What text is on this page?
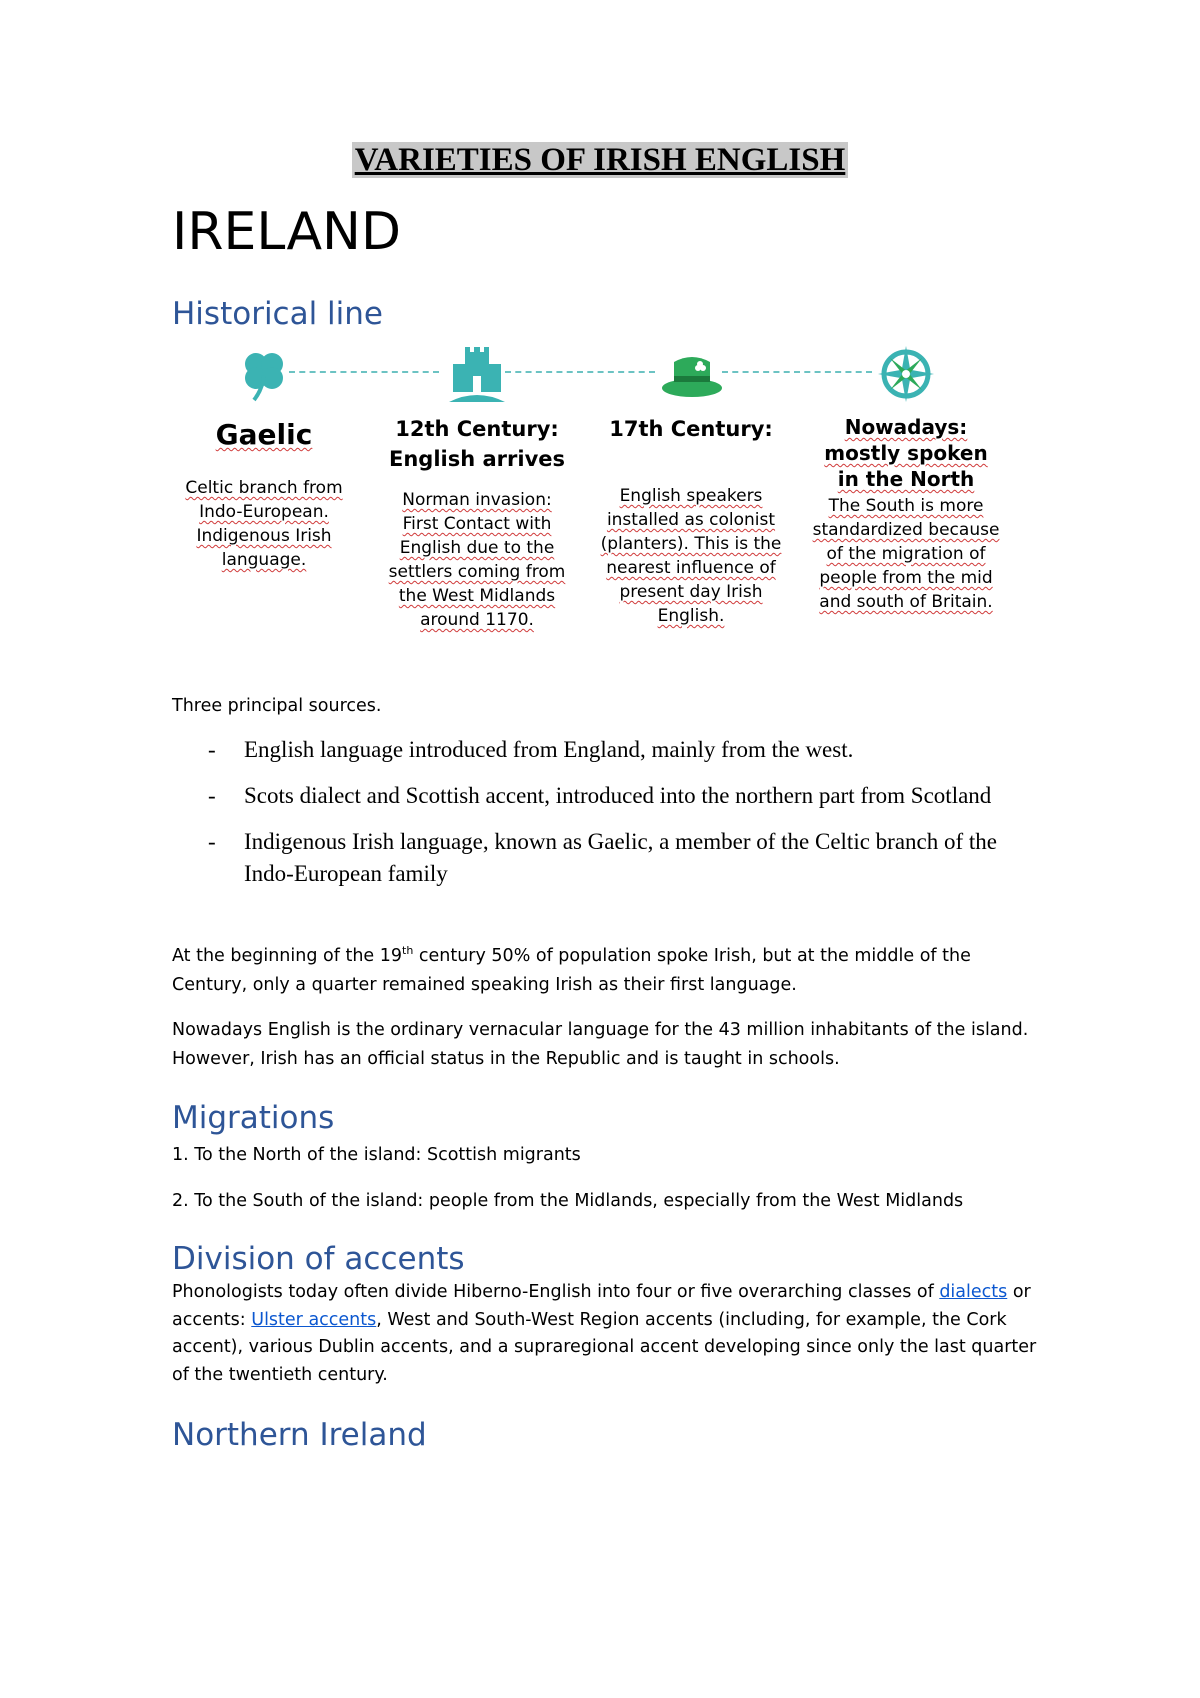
VARIETIES OF IRISH ENGLISH
IRELAND
Historical line
Gaelic
Celtic branch from Indo-European. Indigenous Irish language.
12th Century: English arrives
Norman invasion: First Contact with English due to the settlers coming from the West Midlands around 1170.
17th Century:
English speakers installed as colonist (planters). This is the nearest influence of present day Irish English.
Nowadays: mostly spoken in the North
The South is more standardized because of the migration of people from the mid and south of Britain.

Three principal sources.

- English language introduced from England, mainly from the west.
- Scots dialect and Scottish accent, introduced into the northern part from Scotland
- Indigenous Irish language, known as Gaelic, a member of the Celtic branch of the Indo-European family

At the beginning of the 19th century 50% of population spoke Irish, but at the middle of the Century, only a quarter remained speaking Irish as their first language.

Nowadays English is the ordinary vernacular language for the 43 million inhabitants of the island. However, Irish has an official status in the Republic and is taught in schools.

Migrations

1. To the North of the island: Scottish migrants

2. To the South of the island: people from the Midlands, especially from the West Midlands

Division of accents

Phonologists today often divide Hiberno-English into four or five overarching classes of dialects or accents: Ulster accents, West and South-West Region accents (including, for example, the Cork accent), various Dublin accents, and a supraregional accent developing since only the last quarter of the twentieth century.

Northern Ireland
